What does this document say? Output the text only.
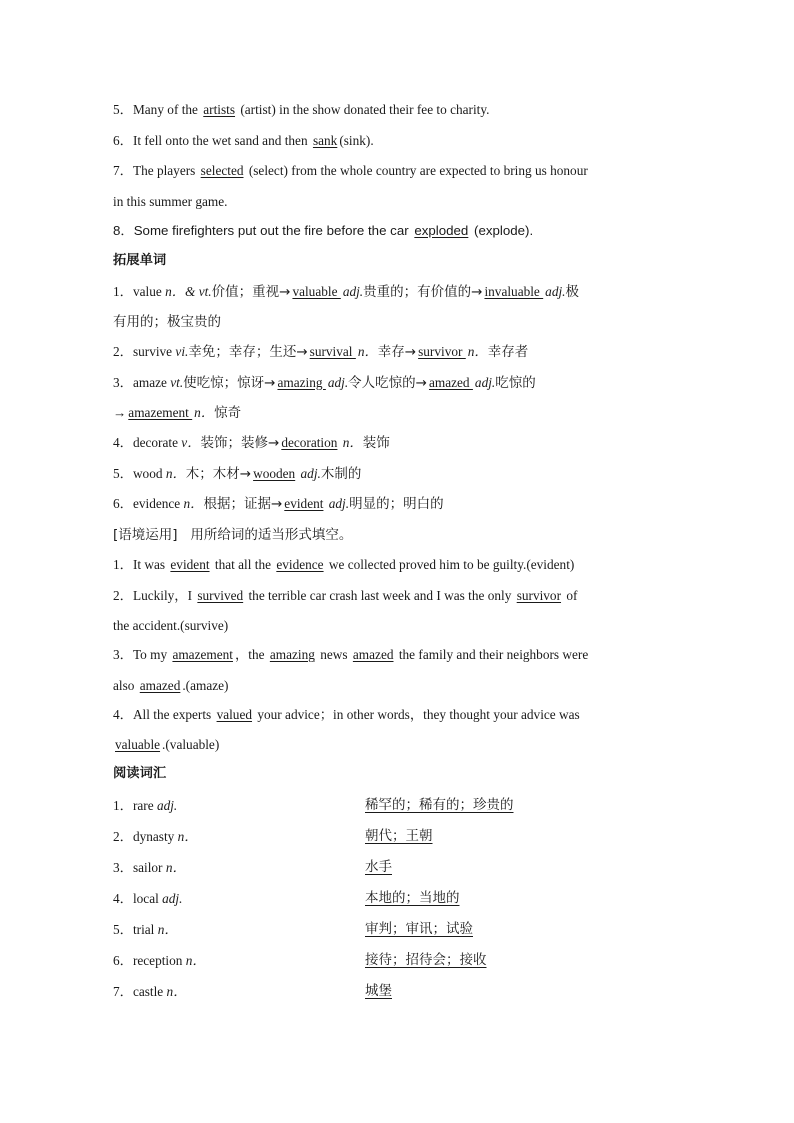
5．Many of the artists (artist) in the show donated their fee to charity.
6．It fell onto the wet sand and then sank (sink).
7．The players selected (select) from the whole country are expected to bring us honour
in this summer game.
8．Some firefighters put out the fire before the car exploded (explode).
拓展单词
1．value n．& vt.价值；重视→ valuable adj.贵重的；有价值的→ invaluable adj.极
有用的；极宝贵的
2．survive vi.幸免；幸存；生还→ survival n．幸存→ survivor n．幸存者
3．amaze vt.使吃惊；惊讶→ amazing adj.令人吃惊的→ amazed adj.吃惊的
→ amazement n．惊奇
4．decorate v．装饰；装修→ decoration n．装饰
5．wood n．木；木材→ wooden adj.木制的
6．evidence n．根据；证据→ evident adj.明显的；明白的
[语境运用] 用所给词的适当形式填空。
1．It was evident that all the evidence we collected proved him to be guilty.(evident)
2．Luckily，I survived the terrible car crash last week and I was the only survivor of
the accident.(survive)
3．To my amazement ，the amazing news amazed the family and their neighbors were
also amazed .(amaze)
4．All the experts valued your advice；in other words，they thought your advice was
valuable .(valuable)
阅读词汇
1．rare adj.	稀罕的；稀有的；珍贵的
2．dynasty n．	朝代；王朝
3．sailor n．	水手
4．local adj.	本地的；当地的
5．trial n．	审判；审讯；试验
6．reception n．	接待；招待会；接收
7．castle n．	城堡
